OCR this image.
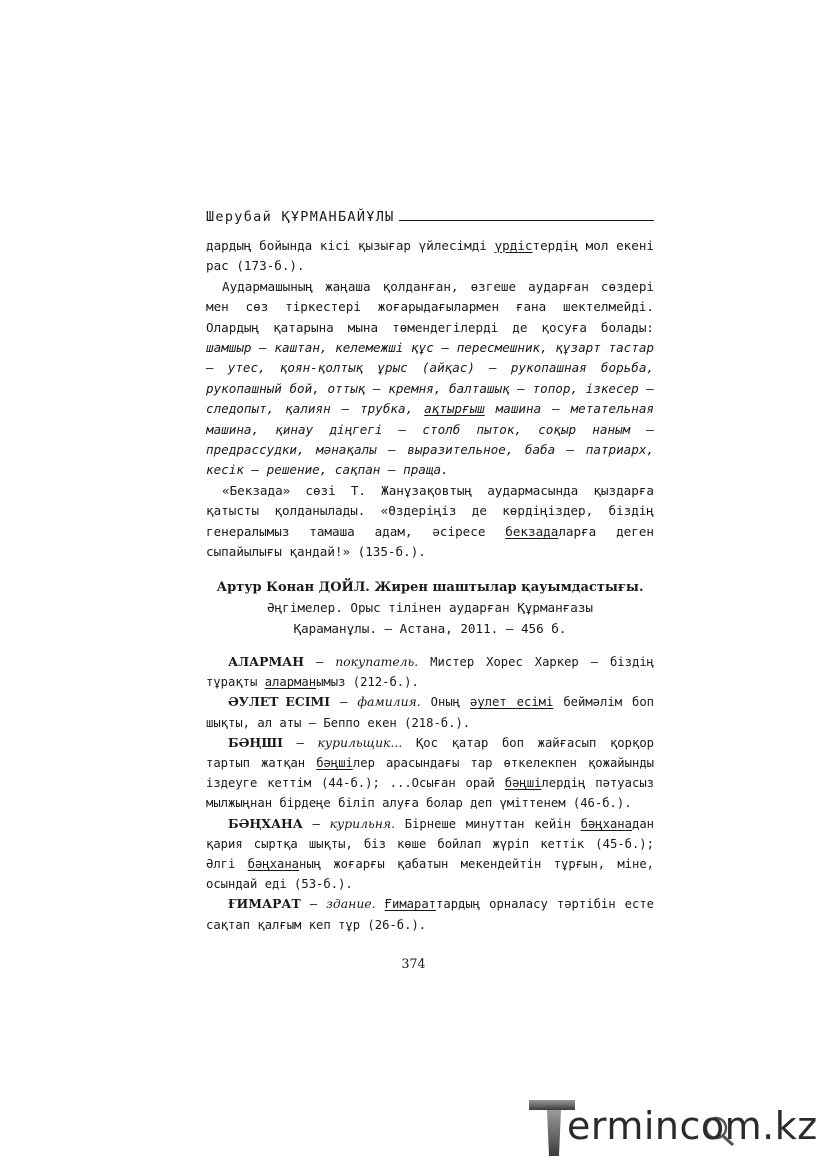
Шерубай ҚҰРМАНБАЙҰЛЫ

дардың бойында кісі қызығар үйлесімді үрдістердің мол екені рас (173-б.).

Аудармашының жаңаша қолданған, өзгеше аударған сөздері мен сөз тіркестері жоғарыдағылармен ғана шектелмейді. Олардың қатарына мына төмендегілерді де қосуға болады: шамшыр – каштан, келемежші құс – пересмешник, құзарт тастар – утес, қоян-қолтық ұрыс (айқас) – рукопашная борьба, рукопашный бой, оттық – кремня, балташық – топор, ізкесер – следопыт, қалиян – трубка, ақтырғыш машина – метательная машина, қинау діңгегі – столб пыток, соқыр наным – предрассудки, мәнақалы – выразительное, баба – патриарх, кесік – решение, сақпан – праща.

«Бекзада» сөзі Т. Жанұзақовтың аудармасында қыздарға қатысты қолданылады. «Өздеріңіз де көрдіңіздер, біздің генералымыз тамаша адам, әсіресе бекзадаларға деген сыпайылығы қандай!» (135-б.).

Артур Конан ДОЙЛ. Жирен шаштылар қауымдастығы.
Әңгімелер. Орыс тілінен аударған Құрманғазы
Қараманұлы. – Астана, 2011. – 456 б.

АЛАРМАН – покупатель. Мистер Хорес Харкер – біздің тұрақты аларманымыз (212-б.).

ӘУЛЕТ ЕСІМІ – фамилия. Оның әулет есімі беймәлім боп шықты, ал аты – Беппо екен (218-б.).

БӘҢШІ – курильщик... Қос қатар боп жайғасып қорқор тартып жатқан бәңшілер арасындағы тар өткелекпен қожайынды іздеуге кеттім (44-б.); ...Осыған орай бәңшілердің пәтуасыз мылжыңнан бірдеңе біліп алуға болар деп үміттенем (46-б.).

БӘҢХАНА – курильня. Бірнеше минуттан кейін бәңханадан қария сыртқа шықты, біз көше бойлап жүріп кеттік (45-б.); Әлгі бәңхананың жоғарғы қабатын мекендейтін тұрғын, міне, осындай еді (53-б.).

ҒИМАРАТ – здание. Ғимараттардың орналасу тәртібін есте сақтап қалғым кеп тұр (26-б.).

374
ermincom.kz
